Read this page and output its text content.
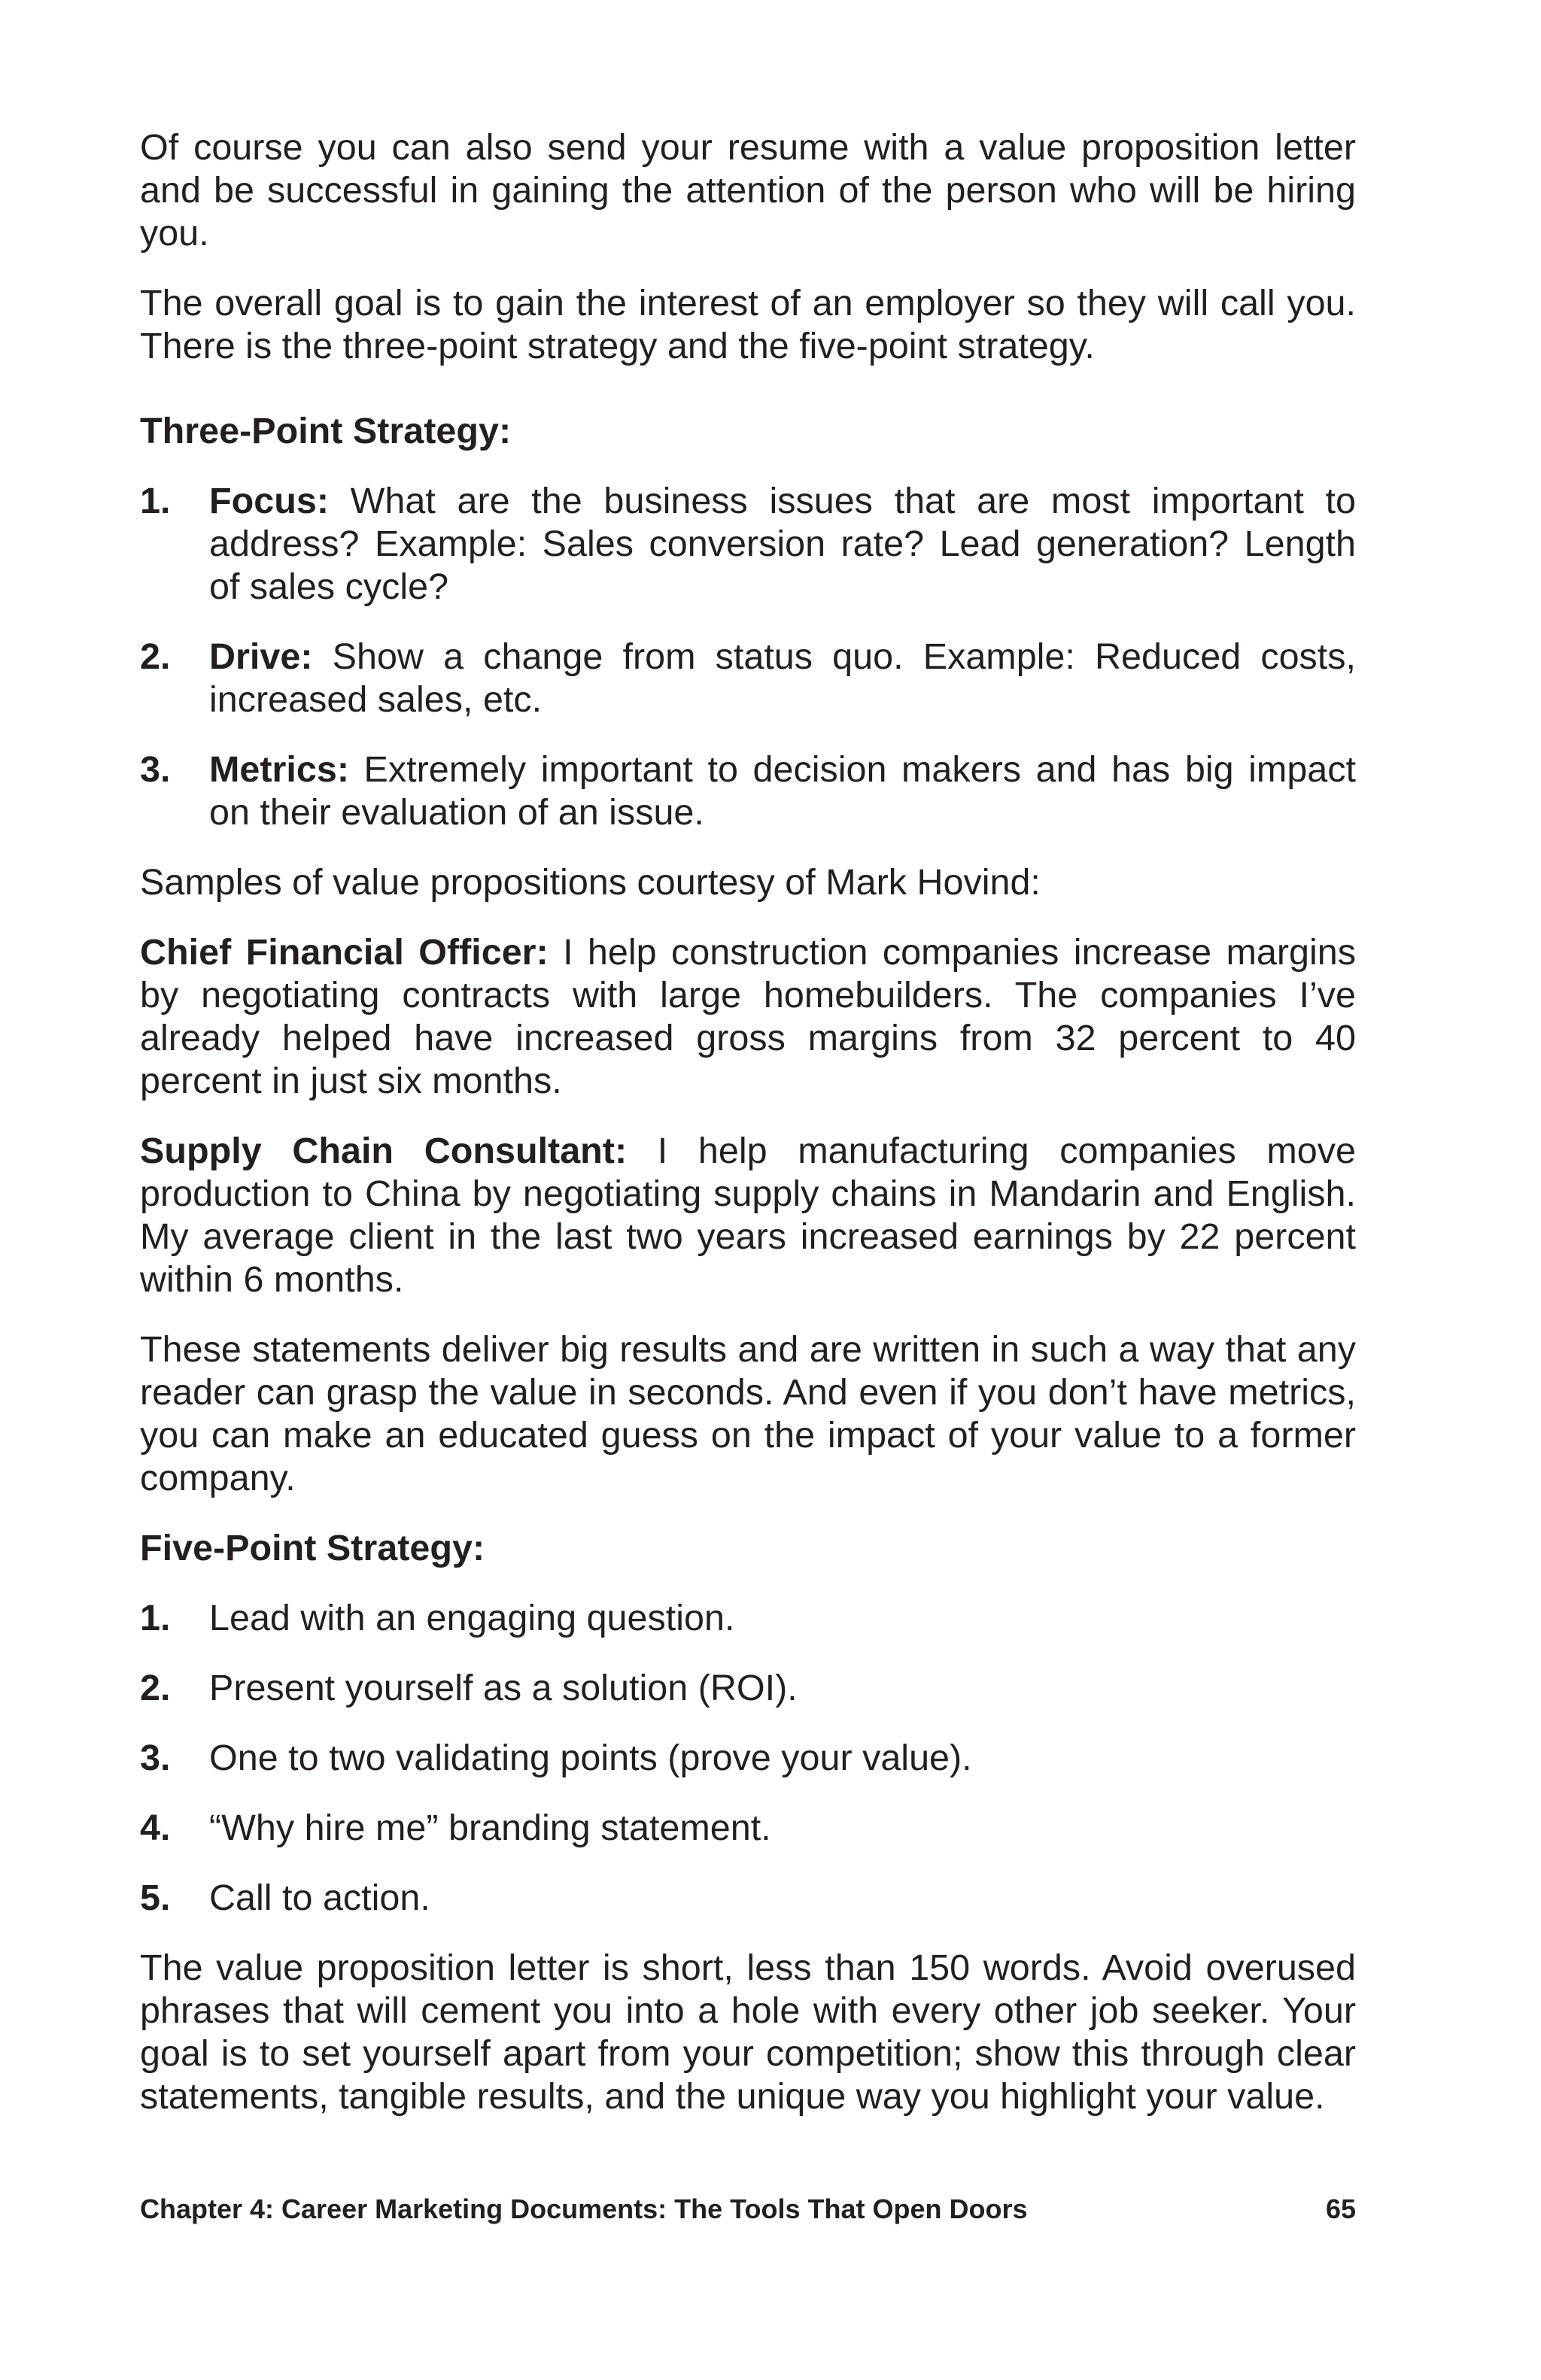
Of course you can also send your resume with a value proposition letter and be successful in gaining the attention of the person who will be hiring you.

The overall goal is to gain the interest of an employer so they will call you. There is the three-point strategy and the five-point strategy.

Three-Point Strategy:
1.	Focus: What are the business issues that are most important to address? Example: Sales conversion rate? Lead generation? Length of sales cycle?
2.	Drive: Show a change from status quo. Example: Reduced costs, increased sales, etc.
3.	Metrics: Extremely important to decision makers and has big impact on their evaluation of an issue.

Samples of value propositions courtesy of Mark Hovind:

Chief Financial Officer: I help construction companies increase margins by negotiating contracts with large homebuilders. The companies I’ve already helped have increased gross margins from 32 percent to 40 percent in just six months.

Supply Chain Consultant: I help manufacturing companies move production to China by negotiating supply chains in Mandarin and English. My average client in the last two years increased earnings by 22 percent within 6 months.

These statements deliver big results and are written in such a way that any reader can grasp the value in seconds. And even if you don’t have metrics, you can make an educated guess on the impact of your value to a former company.

Five-Point Strategy:
1.	Lead with an engaging question.
2.	Present yourself as a solution (ROI).
3.	One to two validating points (prove your value).
4.	“Why hire me” branding statement.
5.	Call to action.

The value proposition letter is short, less than 150 words. Avoid overused phrases that will cement you into a hole with every other job seeker. Your goal is to set yourself apart from your competition; show this through clear statements, tangible results, and the unique way you highlight your value.

Chapter 4: Career Marketing Documents: The Tools That Open Doors	65
